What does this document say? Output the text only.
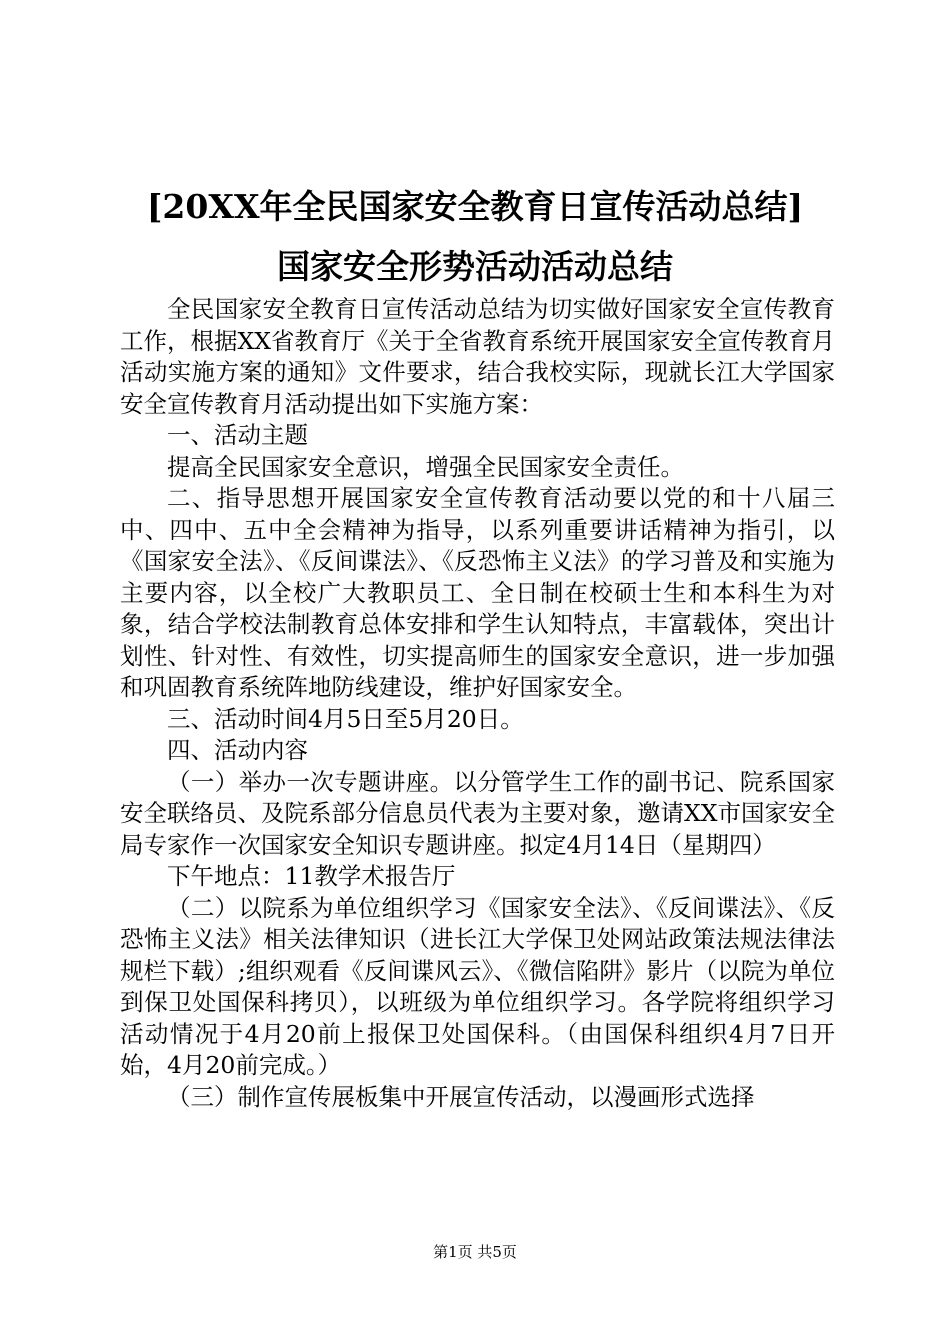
[20XX年全民国家安全教育日宣传活动总结]
国家安全形势活动活动总结

全民国家安全教育日宣传活动总结为切实做好国家安全宣传教育工作，根据XX省教育厅《关于全省教育系统开展国家安全宣传教育月活动实施方案的通知》文件要求，结合我校实际，现就长江大学国家安全宣传教育月活动提出如下实施方案：

一、活动主题

提高全民国家安全意识，增强全民国家安全责任。

二、指导思想开展国家安全宣传教育活动要以党的和十八届三中、四中、五中全会精神为指导，以系列重要讲话精神为指引，以《国家安全法》、《反间谍法》、《反恐怖主义法》的学习普及和实施为主要内容，以全校广大教职员工、全日制在校硕士生和本科生为对象，结合学校法制教育总体安排和学生认知特点，丰富载体，突出计划性、针对性、有效性，切实提高师生的国家安全意识，进一步加强和巩固教育系统阵地防线建设，维护好国家安全。

三、活动时间4月5日至5月20日。

四、活动内容

（一）举办一次专题讲座。以分管学生工作的副书记、院系国家安全联络员、及院系部分信息员代表为主要对象，邀请XX市国家安全局专家作一次国家安全知识专题讲座。拟定4月14日（星期四）

下午地点：11教学术报告厅

（二）以院系为单位组织学习《国家安全法》、《反间谍法》、《反恐怖主义法》相关法律知识（进长江大学保卫处网站政策法规法律法规栏下载）;组织观看《反间谍风云》、《微信陷阱》影片（以院为单位到保卫处国保科拷贝），以班级为单位组织学习。各学院将组织学习活动情况于4月20前上报保卫处国保科。（由国保科组织4月7日开始，4月20前完成。）

（三）制作宣传展板集中开展宣传活动，以漫画形式选择

第1页 共5页
